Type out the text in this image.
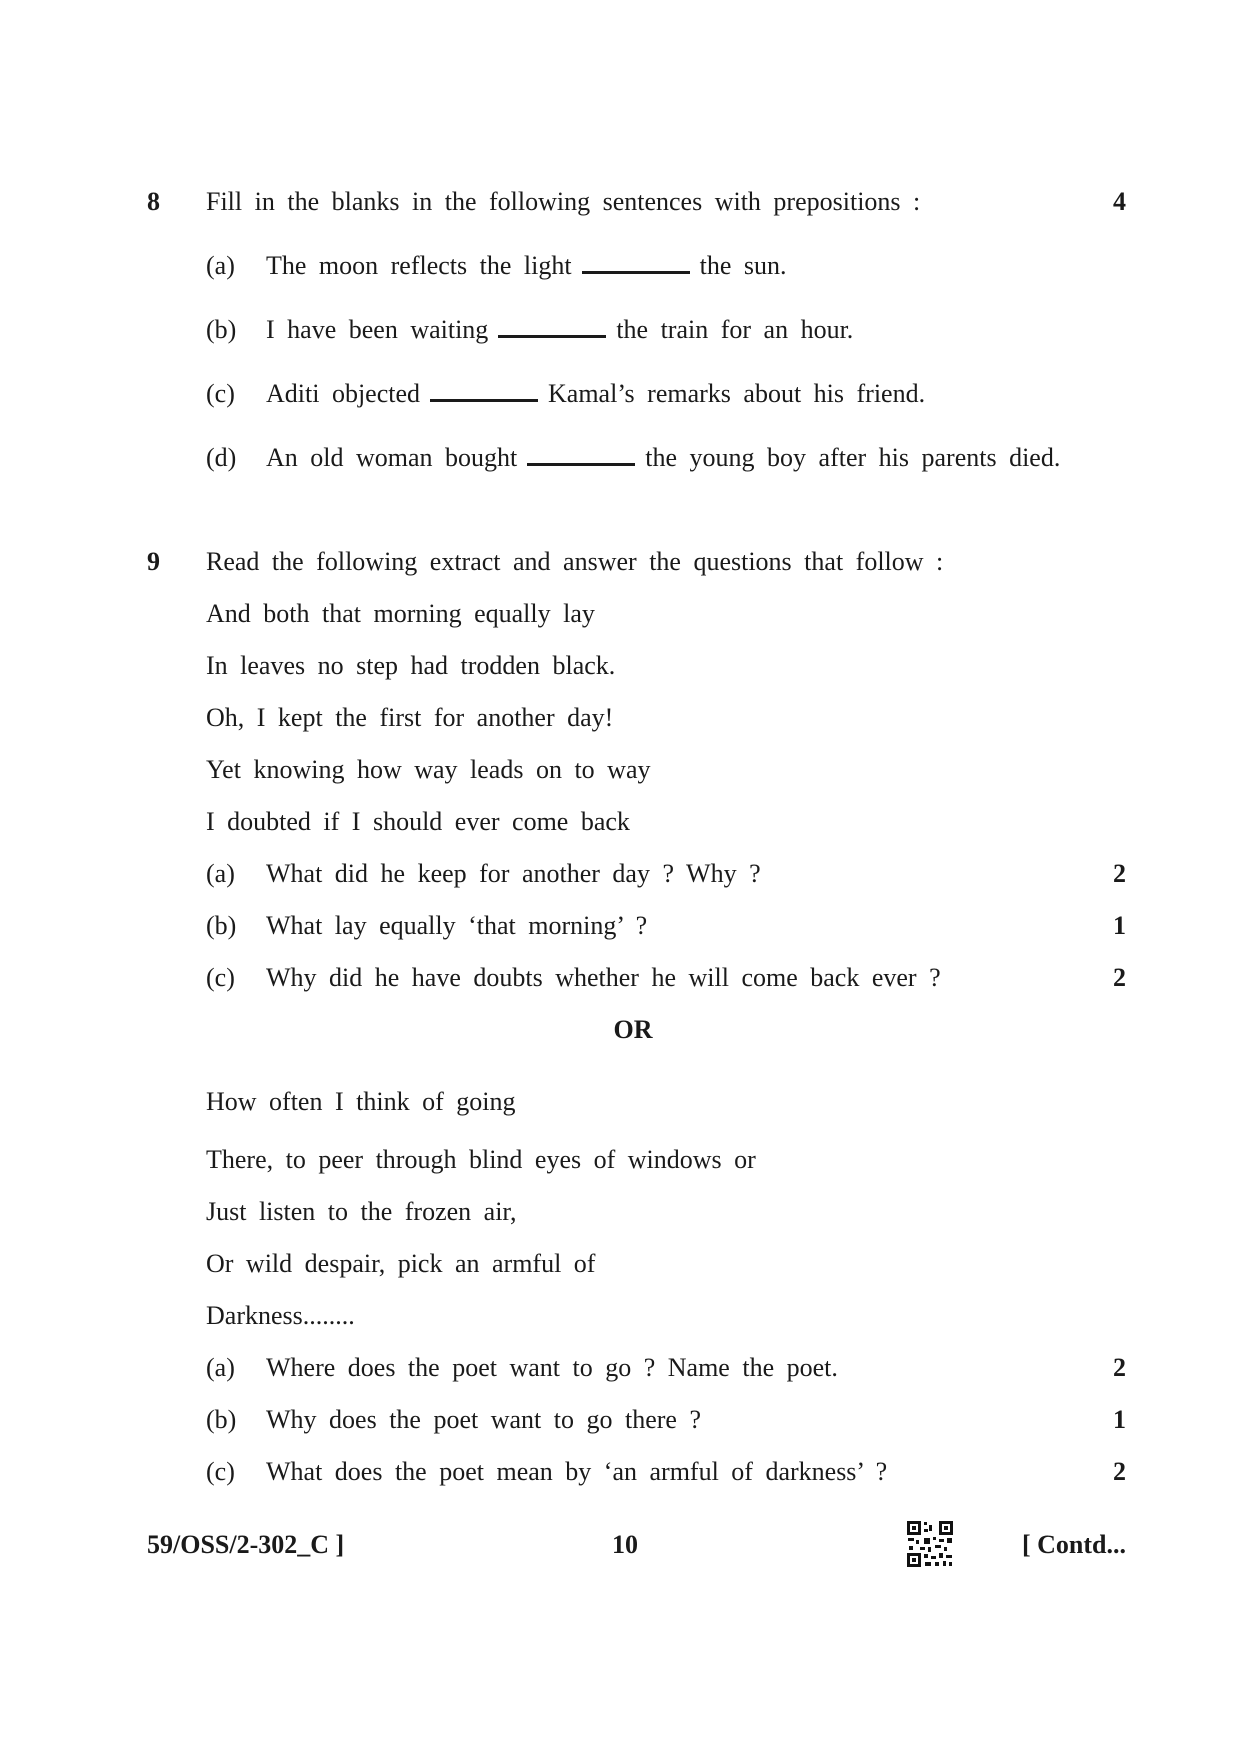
8 Fill in the blanks in the following sentences with prepositions :	4
(a) The moon reflects the light	the sun.
(b) I have been waiting	the train for an hour.
(c) Aditi objected	Kamal’s remarks about his friend.
(d) An old woman bought	the young boy after his parents died.
9 Read the following extract and answer the questions that follow :
And both that morning equally lay
In leaves no step had trodden black.
Oh, I kept the first for another day!
Yet knowing how way leads on to way
I doubted if I should ever come back
(a) What did he keep for another day ? Why ?	2
(b) What lay equally ‘that morning’ ?	1
(c) Why did he have doubts whether he will come back ever ?	2
OR
How often I think of going
There, to peer through blind eyes of windows or
Just listen to the frozen air,
Or wild despair, pick an armful of
Darkness........
(a) Where does the poet want to go ? Name the poet.	2
(b) Why does the poet want to go there ?	1
(c) What does the poet mean by ‘an armful of darkness’ ?	2
59/OSS/2-302_C ]	10	[ Contd...
